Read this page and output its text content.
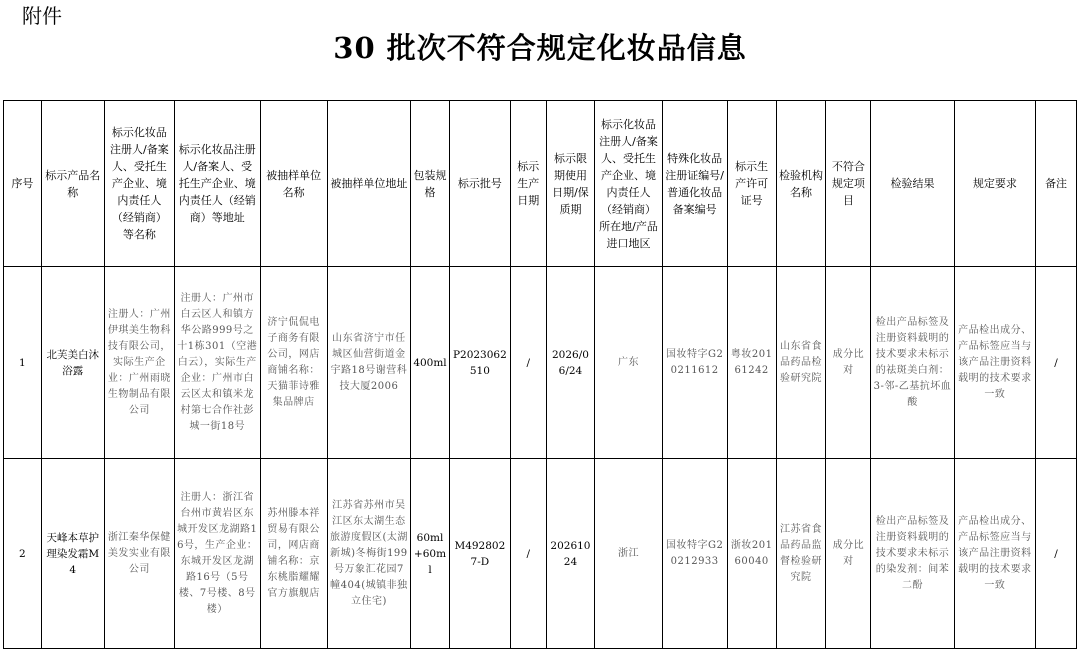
附件
30 批次不符合规定化妆品信息
序号	标示产品名称	标示化妆品注册人/备案人、受托生产企业、境内责任人（经销商）等名称	标示化妆品注册人/备案人、受托生产企业、境内责任人（经销商）等地址	被抽样单位名称	被抽样单位地址	包装规格	标示批号	标示生产日期	标示限期使用日期/保质期	标示化妆品注册人/备案人、受托生产企业、境内责任人（经销商）所在地/产品进口地区	特殊化妆品注册证编号/普通化妆品备案编号	标示生产许可证号	检验机构名称	不符合规定项目	检验结果	规定要求	备注
1	北芙美白沐浴露	注册人：广州伊琪美生物科技有限公司，实际生产企业：广州雨晓生物制品有限公司	注册人：广州市白云区人和镇方华公路999号之十1栋301（空港白云），实际生产企业：广州市白云区太和镇米龙村第七合作社彭城一街18号	济宁侃侃电子商务有限公司，网店商铺名称：天猫菲诗雅集品牌店	山东省济宁市任城区仙营街道金宇路18号谢营科技大厦2006	400ml	P2023062510	/	2026/06/24	广东	国妆特字G20211612	粤妆20161242	山东省食品药品检验研究院	成分比对	检出产品标签及注册资料载明的技术要求未标示的祛斑美白剂：3-邻-乙基抗坏血酸	产品检出成分、产品标签应当与该产品注册资料载明的技术要求一致	/
2	天峰本草护理染发霜M4	浙江秦华保健美发实业有限公司	注册人：浙江省台州市黄岩区东城开发区龙湖路16号，生产企业：东城开发区龙湖路16号（5号楼、7号楼、8号楼）	苏州滕本祥贸易有限公司，网店商铺名称：京东桃脂耀耀官方旗舰店	江苏省苏州市吴江区东太湖生态旅游度假区(太湖新城)冬梅街199号万象汇花园7幢404(城镇非独立住宅)	60ml+60ml	M4928027-D	/	20261024	浙江	国妆特字G20212933	浙妆20160040	江苏省食品药品监督检验研究院	成分比对	检出产品标签及注册资料载明的技术要求未标示的染发剂：间苯二酚	产品检出成分、产品标签应当与该产品注册资料载明的技术要求一致	/
